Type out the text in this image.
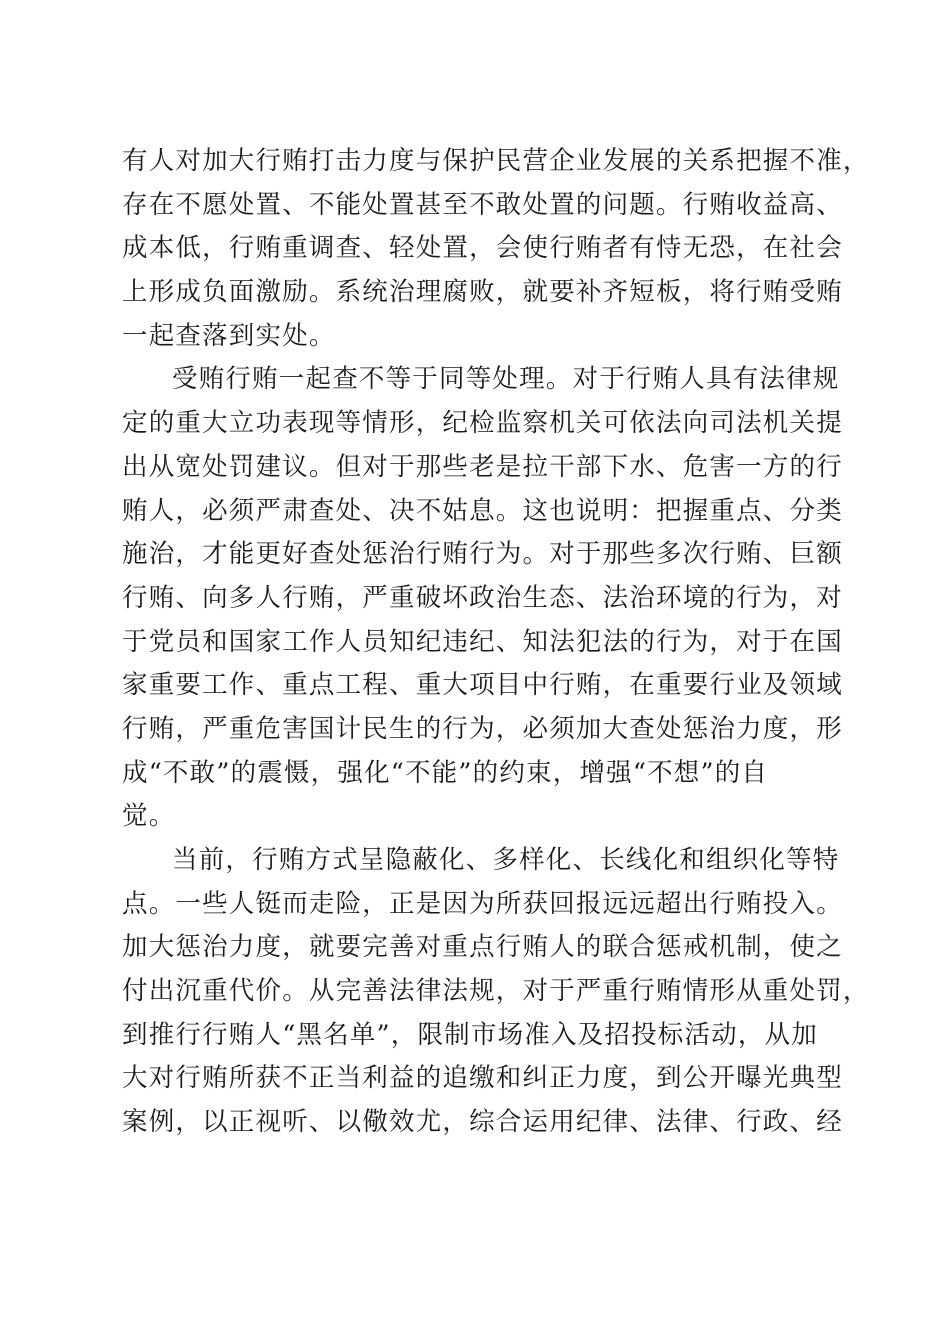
有人对加大行贿打击力度与保护民营企业发展的关系把握不准，
存在不愿处置、不能处置甚至不敢处置的问题。行贿收益高、
成本低，行贿重调查、轻处置，会使行贿者有恃无恐，在社会
上形成负面激励。系统治理腐败，就要补齐短板，将行贿受贿
一起查落到实处。
受贿行贿一起查不等于同等处理。对于行贿人具有法律规
定的重大立功表现等情形，纪检监察机关可依法向司法机关提
出从宽处罚建议。但对于那些老是拉干部下水、危害一方的行
贿人，必须严肃查处、决不姑息。这也说明：把握重点、分类
施治，才能更好查处惩治行贿行为。对于那些多次行贿、巨额
行贿、向多人行贿，严重破坏政治生态、法治环境的行为，对
于党员和国家工作人员知纪违纪、知法犯法的行为，对于在国
家重要工作、重点工程、重大项目中行贿，在重要行业及领域
行贿，严重危害国计民生的行为，必须加大查处惩治力度，形
成“不敢”的震慑，强化“不能”的约束，增强“不想”的自
觉。
当前，行贿方式呈隐蔽化、多样化、长线化和组织化等特
点。一些人铤而走险，正是因为所获回报远远超出行贿投入。
加大惩治力度，就要完善对重点行贿人的联合惩戒机制，使之
付出沉重代价。从完善法律法规，对于严重行贿情形从重处罚，
到推行行贿人“黑名单”，限制市场准入及招投标活动，从加
大对行贿所获不正当利益的追缴和纠正力度，到公开曝光典型
案例，以正视听、以儆效尤，综合运用纪律、法律、行政、经
